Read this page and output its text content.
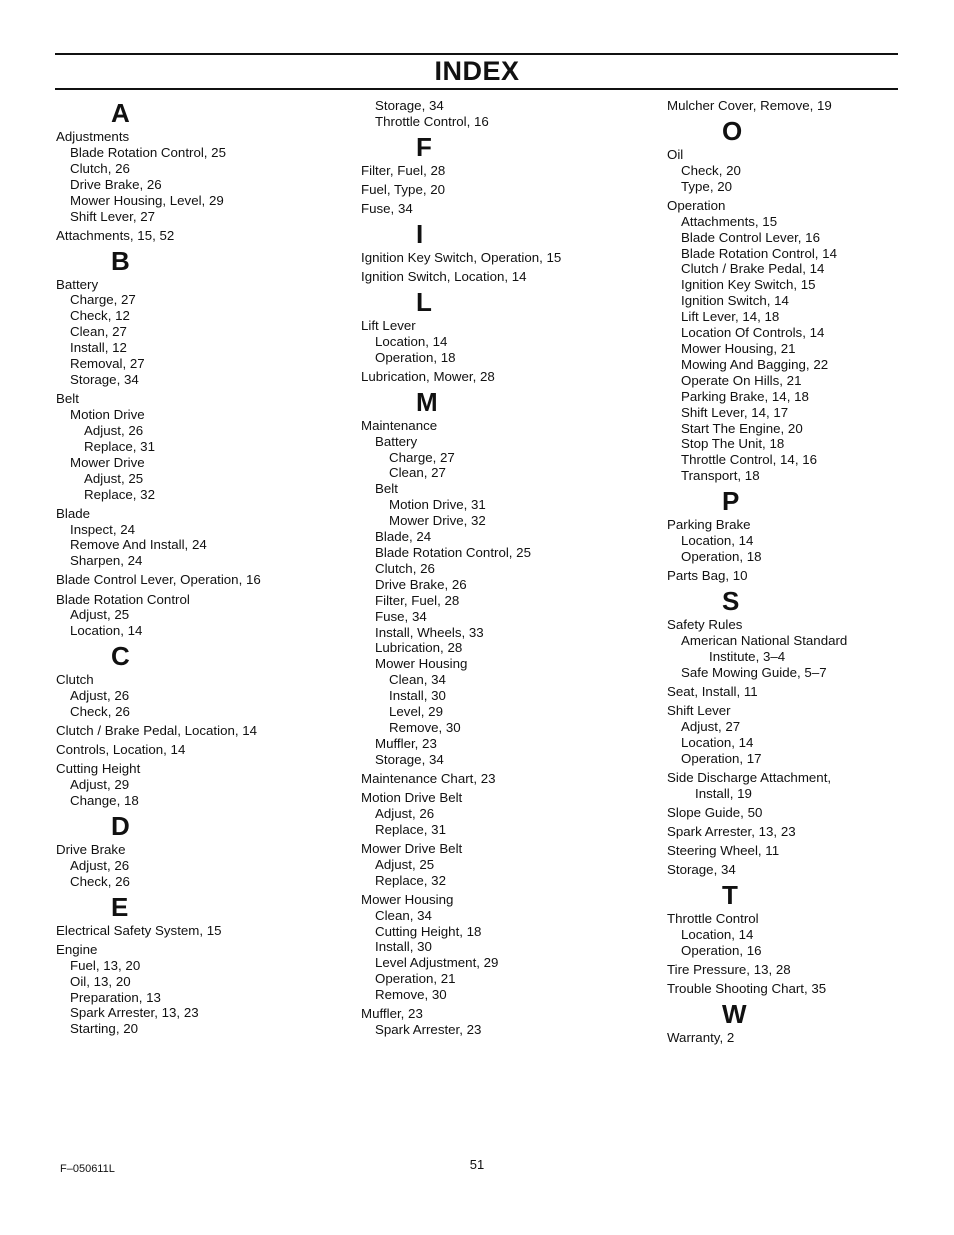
INDEX
A
Adjustments
Blade Rotation Control, 25
Clutch, 26
Drive Brake, 26
Mower Housing, Level, 29
Shift Lever, 27
Attachments, 15, 52
B
Battery
Charge, 27
Check, 12
Clean, 27
Install, 12
Removal, 27
Storage, 34
Belt
Motion Drive
Adjust, 26
Replace, 31
Mower Drive
Adjust, 25
Replace, 32
Blade
Inspect, 24
Remove And Install, 24
Sharpen, 24
Blade Control Lever, Operation, 16
Blade Rotation Control
Adjust, 25
Location, 14
C
Clutch
Adjust, 26
Check, 26
Clutch / Brake Pedal, Location, 14
Controls, Location, 14
Cutting Height
Adjust, 29
Change, 18
D
Drive Brake
Adjust, 26
Check, 26
E
Electrical Safety System, 15
Engine
Fuel, 13, 20
Oil, 13, 20
Preparation, 13
Spark Arrester, 13, 23
Starting, 20
Storage, 34
Throttle Control, 16
F
Filter, Fuel, 28
Fuel, Type, 20
Fuse, 34
I
Ignition Key Switch, Operation, 15
Ignition Switch, Location, 14
L
Lift Lever
Location, 14
Operation, 18
Lubrication, Mower, 28
M
Maintenance
Battery
Charge, 27
Clean, 27
Belt
Motion Drive, 31
Mower Drive, 32
Blade, 24
Blade Rotation Control, 25
Clutch, 26
Drive Brake, 26
Filter, Fuel, 28
Fuse, 34
Install, Wheels, 33
Lubrication, 28
Mower Housing
Clean, 34
Install, 30
Level, 29
Remove, 30
Muffler, 23
Storage, 34
Maintenance Chart, 23
Motion Drive Belt
Adjust, 26
Replace, 31
Mower Drive Belt
Adjust, 25
Replace, 32
Mower Housing
Clean, 34
Cutting Height, 18
Install, 30
Level Adjustment, 29
Operation, 21
Remove, 30
Muffler, 23
Spark Arrester, 23
Mulcher Cover, Remove, 19
O
Oil
Check, 20
Type, 20
Operation
Attachments, 15
Blade Control Lever, 16
Blade Rotation Control, 14
Clutch / Brake Pedal, 14
Ignition Key Switch, 15
Ignition Switch, 14
Lift Lever, 14, 18
Location Of Controls, 14
Mower Housing, 21
Mowing And Bagging, 22
Operate On Hills, 21
Parking Brake, 14, 18
Shift Lever, 14, 17
Start The Engine, 20
Stop The Unit, 18
Throttle Control, 14, 16
Transport, 18
P
Parking Brake
Location, 14
Operation, 18
Parts Bag, 10
S
Safety Rules
American National Standard
Institute, 3–4
Safe Mowing Guide, 5–7
Seat, Install, 11
Shift Lever
Adjust, 27
Location, 14
Operation, 17
Side Discharge Attachment,
Install, 19
Slope Guide, 50
Spark Arrester, 13, 23
Steering Wheel, 11
Storage, 34
T
Throttle Control
Location, 14
Operation, 16
Tire Pressure, 13, 28
Trouble Shooting Chart, 35
W
Warranty, 2
F–050611L	51
